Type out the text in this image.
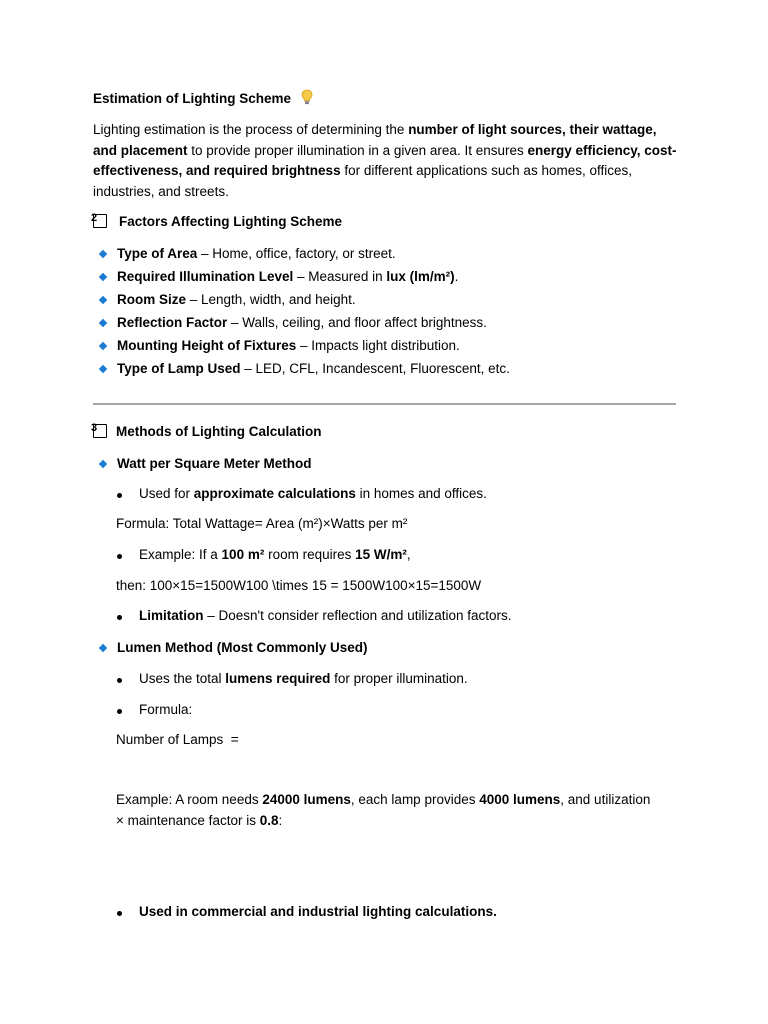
Estimation of Lighting Scheme
Lighting estimation is the process of determining the number of light sources, their wattage, and placement to provide proper illumination in a given area. It ensures energy efficiency, cost-effectiveness, and required brightness for different applications such as homes, offices, industries, and streets.
2 Factors Affecting Lighting Scheme
Type of Area – Home, office, factory, or street.
Required Illumination Level – Measured in lux (lm/m²).
Room Size – Length, width, and height.
Reflection Factor – Walls, ceiling, and floor affect brightness.
Mounting Height of Fixtures – Impacts light distribution.
Type of Lamp Used – LED, CFL, Incandescent, Fluorescent, etc.
3 Methods of Lighting Calculation
Watt per Square Meter Method
Used for approximate calculations in homes and offices.
Formula: Total Wattage= Area (m²)×Watts per m²
Example: If a 100 m² room requires 15 W/m²,
then: 100×15=1500W100 \times 15 = 1500W100×15=1500W
Limitation – Doesn't consider reflection and utilization factors.
Lumen Method (Most Commonly Used)
Uses the total lumens required for proper illumination.
Formula:
Number of Lamps  =
Example: A room needs 24000 lumens, each lamp provides 4000 lumens, and utilization
× maintenance factor is 0.8:
Used in commercial and industrial lighting calculations.
